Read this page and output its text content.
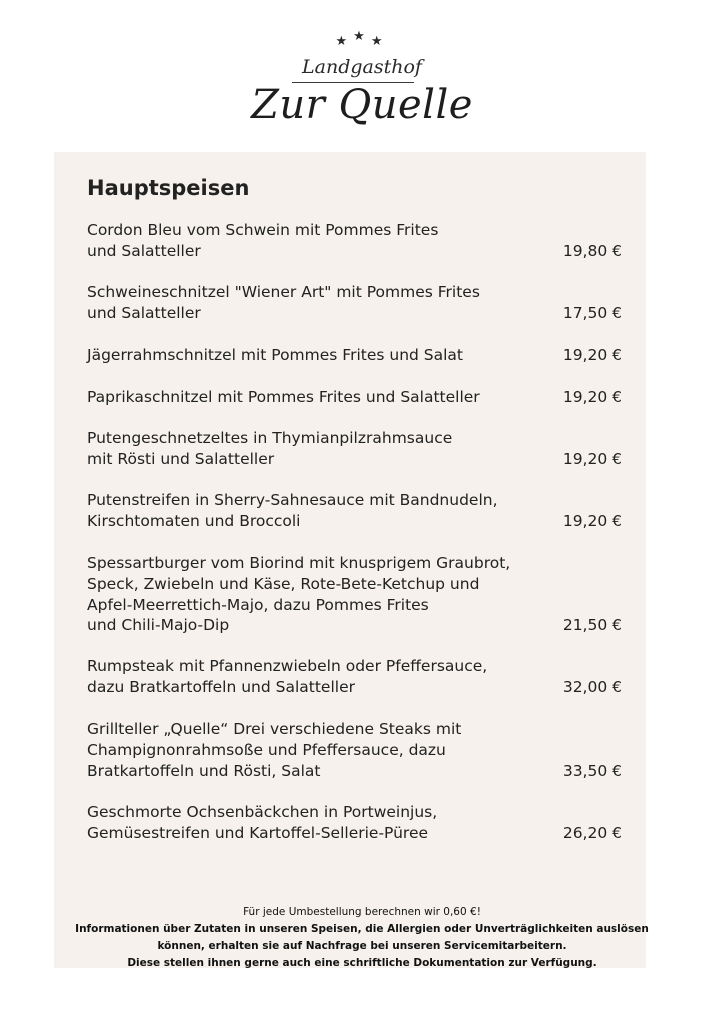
★★★
Landgasthof
Zur Quelle
Hauptspeisen
Cordon Bleu vom Schwein mit Pommes Frites
und Salatteller	19,80 €
Schweineschnitzel "Wiener Art" mit Pommes Frites
und Salatteller	17,50 €
Jägerrahmschnitzel mit Pommes Frites und Salat	19,20 €
Paprikaschnitzel mit Pommes Frites und Salatteller	19,20 €
Putengeschnetzeltes in Thymianpilzrahmsauce
mit Rösti und Salatteller	19,20 €
Putenstreifen in Sherry-Sahnesauce mit Bandnudeln,
Kirschtomaten und Broccoli	19,20 €
Spessartburger vom Biorind mit knusprigem Graubrot,
Speck, Zwiebeln und Käse, Rote-Bete-Ketchup und
Apfel-Meerrettich-Majo, dazu Pommes Frites
und Chili-Majo-Dip	21,50 €
Rumpsteak mit Pfannenzwiebeln oder Pfeffersauce,
dazu Bratkartoffeln und Salatteller	32,00 €
Grillteller „Quelle“ Drei verschiedene Steaks mit
Champignonrahmsoße und Pfeffersauce, dazu
Bratkartoffeln und Rösti, Salat	33,50 €
Geschmorte Ochsenbäckchen in Portweinjus,
Gemüsestreifen und Kartoffel-Sellerie-Püree	26,20 €
Für jede Umbestellung berechnen wir 0,60 €!
Informationen über Zutaten in unseren Speisen, die Allergien oder Unverträglichkeiten auslösen
können, erhalten sie auf Nachfrage bei unseren Servicemitarbeitern.
Diese stellen ihnen gerne auch eine schriftliche Dokumentation zur Verfügung.
